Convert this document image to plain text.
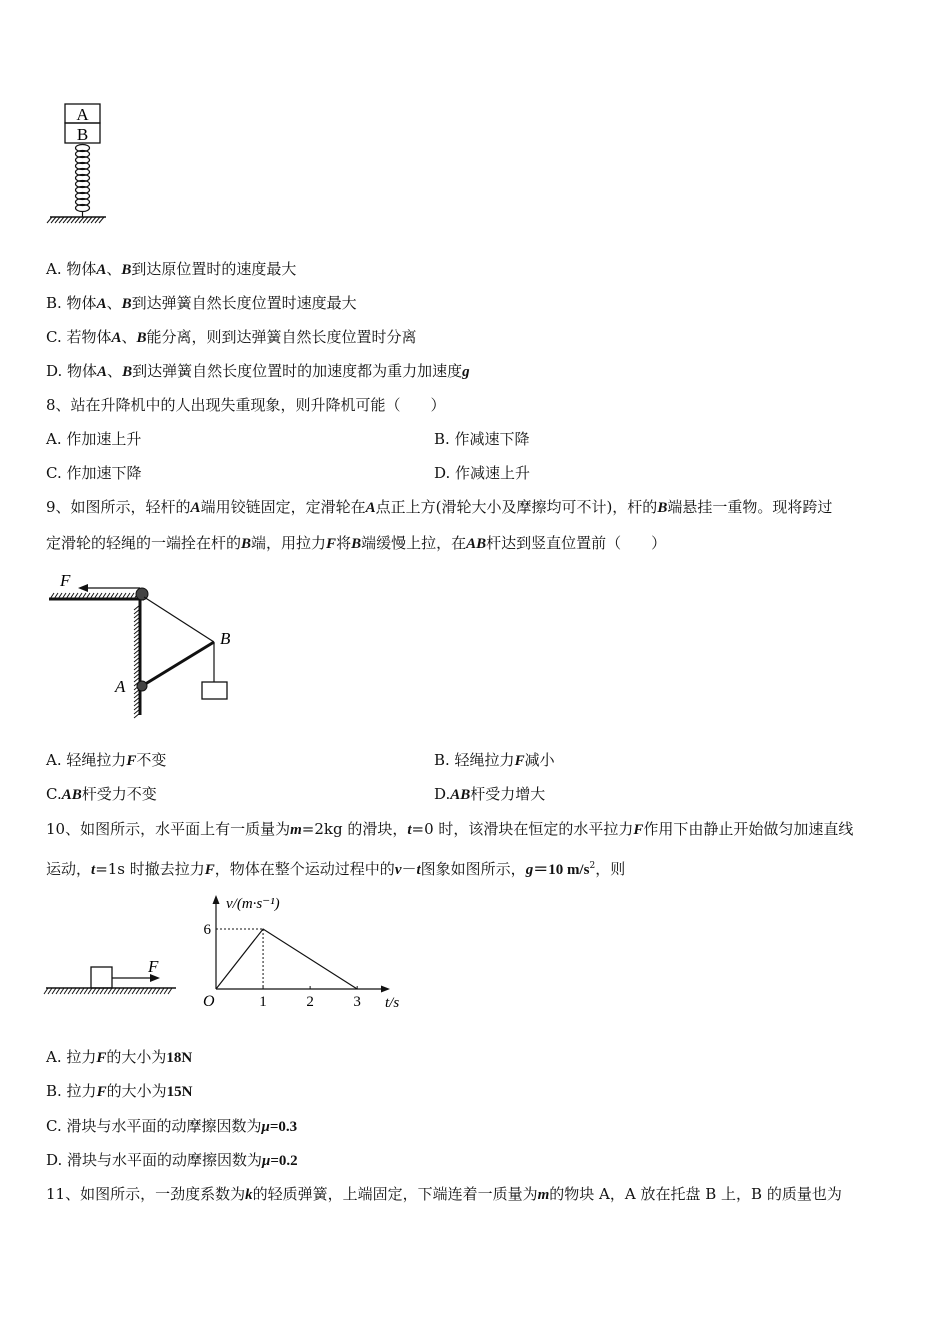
A
B
A. 物体A、B到达原位置时的速度最大
B. 物体A、B到达弹簧自然长度位置时速度最大
C. 若物体A、B能分离，则到达弹簧自然长度位置时分离
D. 物体A、B到达弹簧自然长度位置时的加速度都为重力加速度g
8、站在升降机中的人出现失重现象，则升降机可能（　　）
A. 作加速上升	B. 作减速下降
C. 作加速下降	D. 作减速上升
9、如图所示，轻杆的A端用铰链固定，定滑轮在A点正上方(滑轮大小及摩擦均可不计)，杆的B端悬挂一重物。现将跨过
定滑轮的轻绳的一端拴在杆的B端，用拉力F将B端缓慢上拉，在AB杆达到竖直位置前（　　）
F
B
A
A. 轻绳拉力F不变	B. 轻绳拉力F减小
C.AB杆受力不变	D.AB杆受力增大
10、如图所示，水平面上有一质量为m=2kg 的滑块，t=0 时，该滑块在恒定的水平拉力F作用下由静止开始做匀加速直线
运动，t=1s 时撤去拉力F，物体在整个运动过程中的v－t图象如图所示，g＝10 $m/s^2$，则
F
1	2	3
6
v/(m·s⁻¹)
t/s
O
A. 拉力F的大小为18N
B. 拉力F的大小为15N
C. 滑块与水平面的动摩擦因数为μ=0.3
D. 滑块与水平面的动摩擦因数为μ=0.2
11、如图所示，一劲度系数为k的轻质弹簧，上端固定，下端连着一质量为m的物块 A，A 放在托盘 B 上，B 的质量也为
